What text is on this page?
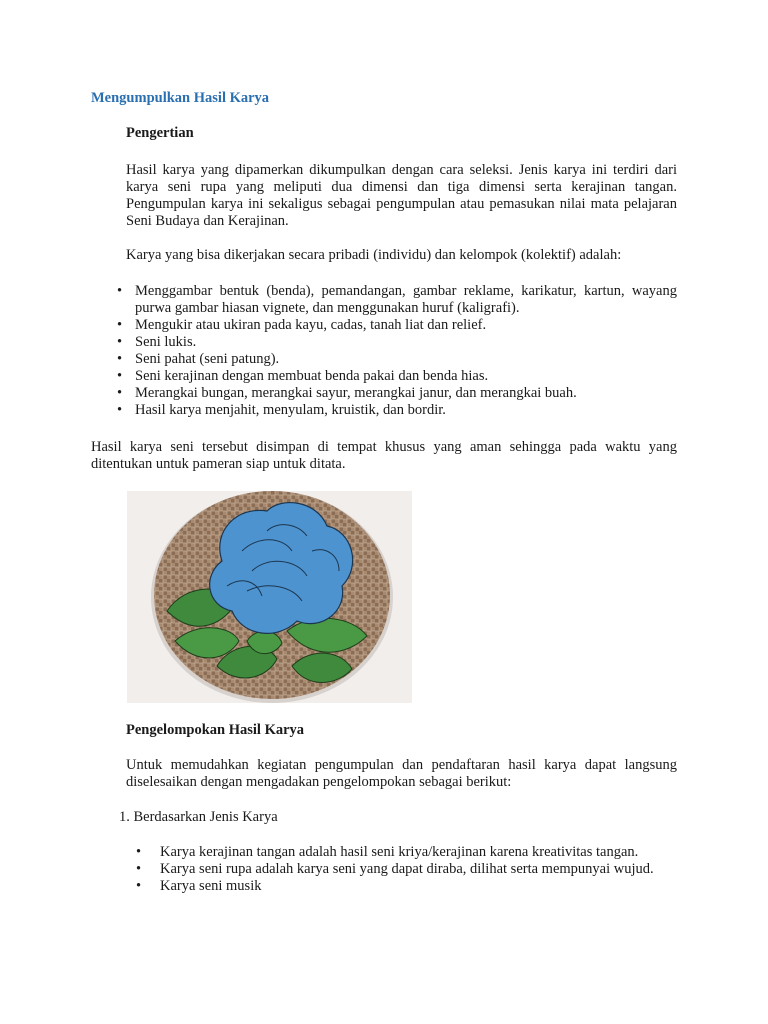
Mengumpulkan Hasil Karya
Pengertian
Hasil karya yang dipamerkan dikumpulkan dengan cara seleksi. Jenis karya ini terdiri dari karya seni rupa yang meliputi dua dimensi dan tiga dimensi serta kerajinan tangan. Pengumpulan karya ini sekaligus sebagai pengumpulan atau pemasukan nilai mata pelajaran Seni Budaya dan Kerajinan.
Karya yang bisa dikerjakan secara pribadi (individu) dan kelompok (kolektif) adalah:
• Menggambar bentuk (benda), pemandangan, gambar reklame, karikatur, kartun, wayang purwa gambar hiasan vignete, dan menggunakan huruf (kaligrafi).
• Mengukir atau ukiran pada kayu, cadas, tanah liat dan relief.
• Seni lukis.
• Seni pahat (seni patung).
• Seni kerajinan dengan membuat benda pakai dan benda hias.
• Merangkai bungan, merangkai sayur, merangkai janur, dan merangkai buah.
• Hasil karya menjahit, menyulam, kruistik, dan bordir.
Hasil karya seni tersebut disimpan di tempat khusus yang aman sehingga pada waktu yang ditentukan untuk pameran siap untuk ditata.
Pengelompokan Hasil Karya
Untuk memudahkan kegiatan pengumpulan dan pendaftaran hasil karya dapat langsung diselesaikan dengan mengadakan pengelompokan sebagai berikut:
1. Berdasarkan Jenis Karya
• Karya kerajinan tangan adalah hasil seni kriya/kerajinan karena kreativitas tangan.
• Karya seni rupa adalah karya seni yang dapat diraba, dilihat serta mempunyai wujud.
• Karya seni musik
